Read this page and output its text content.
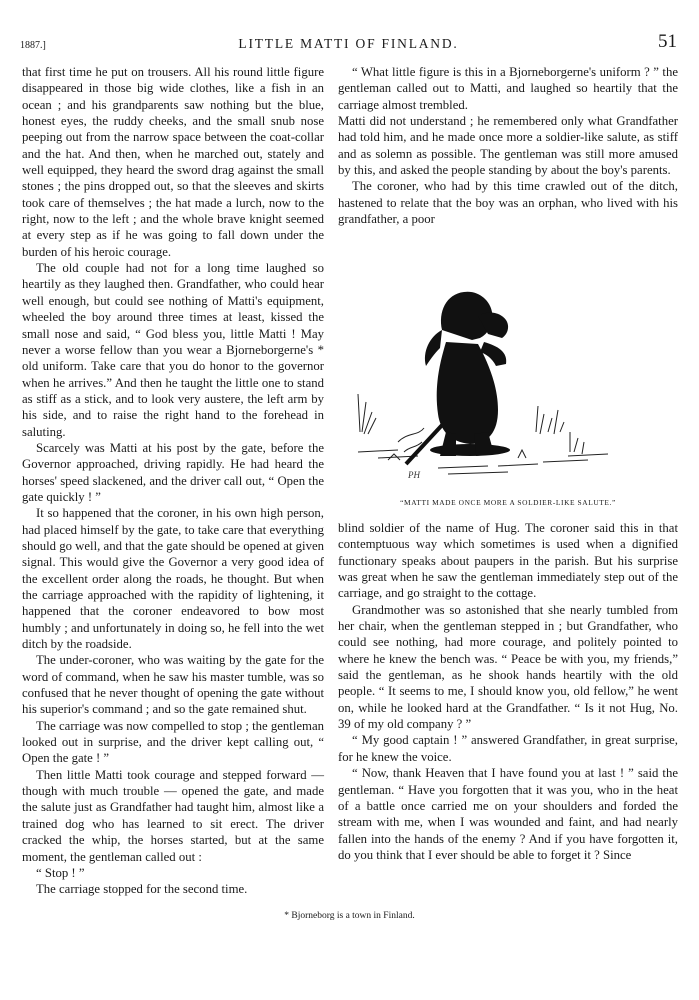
1887.]	LITTLE MATTI OF FINLAND.	51

that first time he put on trousers. All his round little figure disappeared in those big wide clothes, like a fish in an ocean ; and his grandparents saw nothing but the blue, honest eyes, the ruddy cheeks, and the small snub nose peeping out from the narrow space between the coat-collar and the hat. And then, when he marched out, stately and well equipped, they heard the sword drag against the small stones ; the pins dropped out, so that the sleeves and skirts took care of themselves ; the hat made a lurch, now to the right, now to the left ; and the whole brave knight seemed at every step as if he was going to fall down under the burden of his heroic courage.

The old couple had not for a long time laughed so heartily as they laughed then. Grandfather, who could hear well enough, but could see nothing of Matti's equipment, wheeled the boy around three times at least, kissed the small nose and said, “ God bless you, little Matti ! May never a worse fellow than you wear a Bjorneborgerne's * old uniform. Take care that you do honor to the governor when he arrives.” And then he taught the little one to stand as stiff as a stick, and to look very austere, the left arm by his side, and to raise the right hand to the forehead in saluting.

Scarcely was Matti at his post by the gate, before the Governor approached, driving rapidly. He had heard the horses' speed slackened, and the driver call out, “ Open the gate quickly ! ”

It so happened that the coroner, in his own high person, had placed himself by the gate, to take care that everything should go well, and that the gate should be opened at given signal. This would give the Governor a very good idea of the excellent order along the roads, he thought. But when the carriage approached with the rapidity of lightening, it happened that the coroner endeavored to bow most humbly ; and unfortunately in doing so, he fell into the wet ditch by the roadside.

The under-coroner, who was waiting by the gate for the word of command, when he saw his master tumble, was so confused that he never thought of opening the gate without his superior's command ; and so the gate remained shut.

The carriage was now compelled to stop ; the gentleman looked out in surprise, and the driver kept calling out, “ Open the gate ! ”

Then little Matti took courage and stepped forward — though with much trouble — opened the gate, and made the salute just as Grandfather had taught him, almost like a trained dog who has learned to sit erect. The driver cracked the whip, the horses started, but at the same moment, the gentleman called out :

“ Stop ! ”

The carriage stopped for the second time.

“ What little figure is this in a Bjorneborgerne's uniform ? ” the gentleman called out to Matti, and laughed so heartily that the carriage almost trembled.

Matti did not understand ; he remembered only what Grandfather had told him, and he made once more a soldier-like salute, as stiff and as solemn as possible. The gentleman was still more amused by this, and asked the people standing by about the boy's parents.

The coroner, who had by this time crawled out of the ditch, hastened to relate that the boy was an orphan, who lived with his grandfather, a poor

PH
“MATTI MADE ONCE MORE A SOLDIER-LIKE SALUTE.”

blind soldier of the name of Hug. The coroner said this in that contemptuous way which sometimes is used when a dignified functionary speaks about paupers in the parish. But his surprise was great when he saw the gentleman immediately step out of the carriage, and go straight to the cottage.

Grandmother was so astonished that she nearly tumbled from her chair, when the gentleman stepped in ; but Grandfather, who could see nothing, had more courage, and politely pointed to where he knew the bench was. “ Peace be with you, my friends,” said the gentleman, as he shook hands heartily with the old people. “ It seems to me, I should know you, old fellow,” he went on, while he looked hard at the Grandfather. “ Is it not Hug, No. 39 of my old company ? ”

“ My good captain ! ” answered Grandfather, in great surprise, for he knew the voice.

“ Now, thank Heaven that I have found you at last ! ” said the gentleman. “ Have you forgotten that it was you, who in the heat of a battle once carried me on your shoulders and forded the stream with me, when I was wounded and faint, and had nearly fallen into the hands of the enemy ? And if you have forgotten it, do you think that I ever should be able to forget it ? Since

* Bjorneborg is a town in Finland.
